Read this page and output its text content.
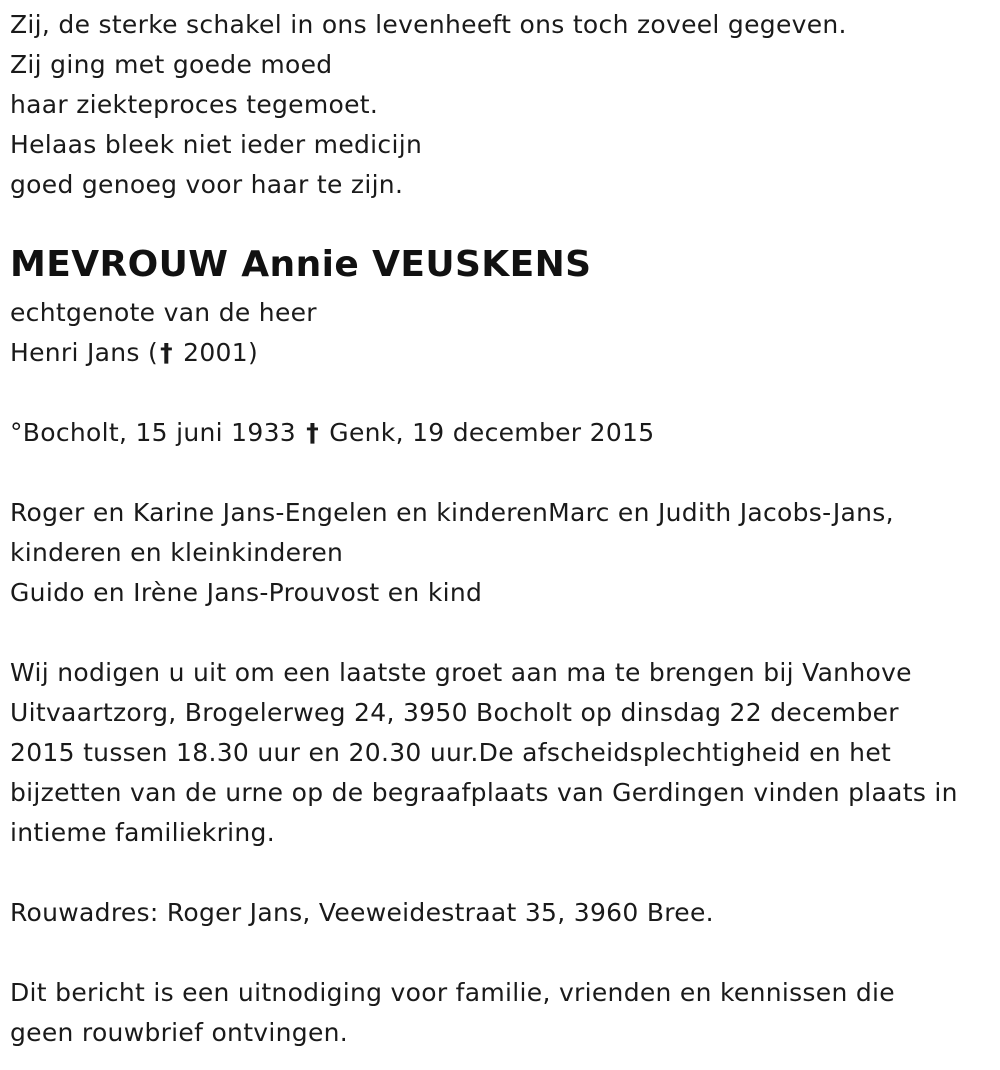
Zij, de sterke schakel in ons levenheeft ons toch zoveel gegeven.
Zij ging met goede moed
haar ziekteproces tegemoet.
Helaas bleek niet ieder medicijn
goed genoeg voor haar te zijn.
MEVROUW Annie VEUSKENS
echtgenote van de heer
Henri Jans († 2001)
°Bocholt, 15 juni 1933 † Genk, 19 december 2015
Roger en Karine Jans-Engelen en kinderenMarc en Judith Jacobs-Jans,
kinderen en kleinkinderen
Guido en Irène Jans-Prouvost en kind
Wij nodigen u uit om een laatste groet aan ma te brengen bij Vanhove
Uitvaartzorg, Brogelerweg 24, 3950 Bocholt op dinsdag 22 december
2015 tussen 18.30 uur en 20.30 uur.De afscheidsplechtigheid en het
bijzetten van de urne op de begraafplaats van Gerdingen vinden plaats in
intieme familiekring.
Rouwadres: Roger Jans, Veeweidestraat 35, 3960 Bree.
Dit bericht is een uitnodiging voor familie, vrienden en kennissen die
geen rouwbrief ontvingen.
